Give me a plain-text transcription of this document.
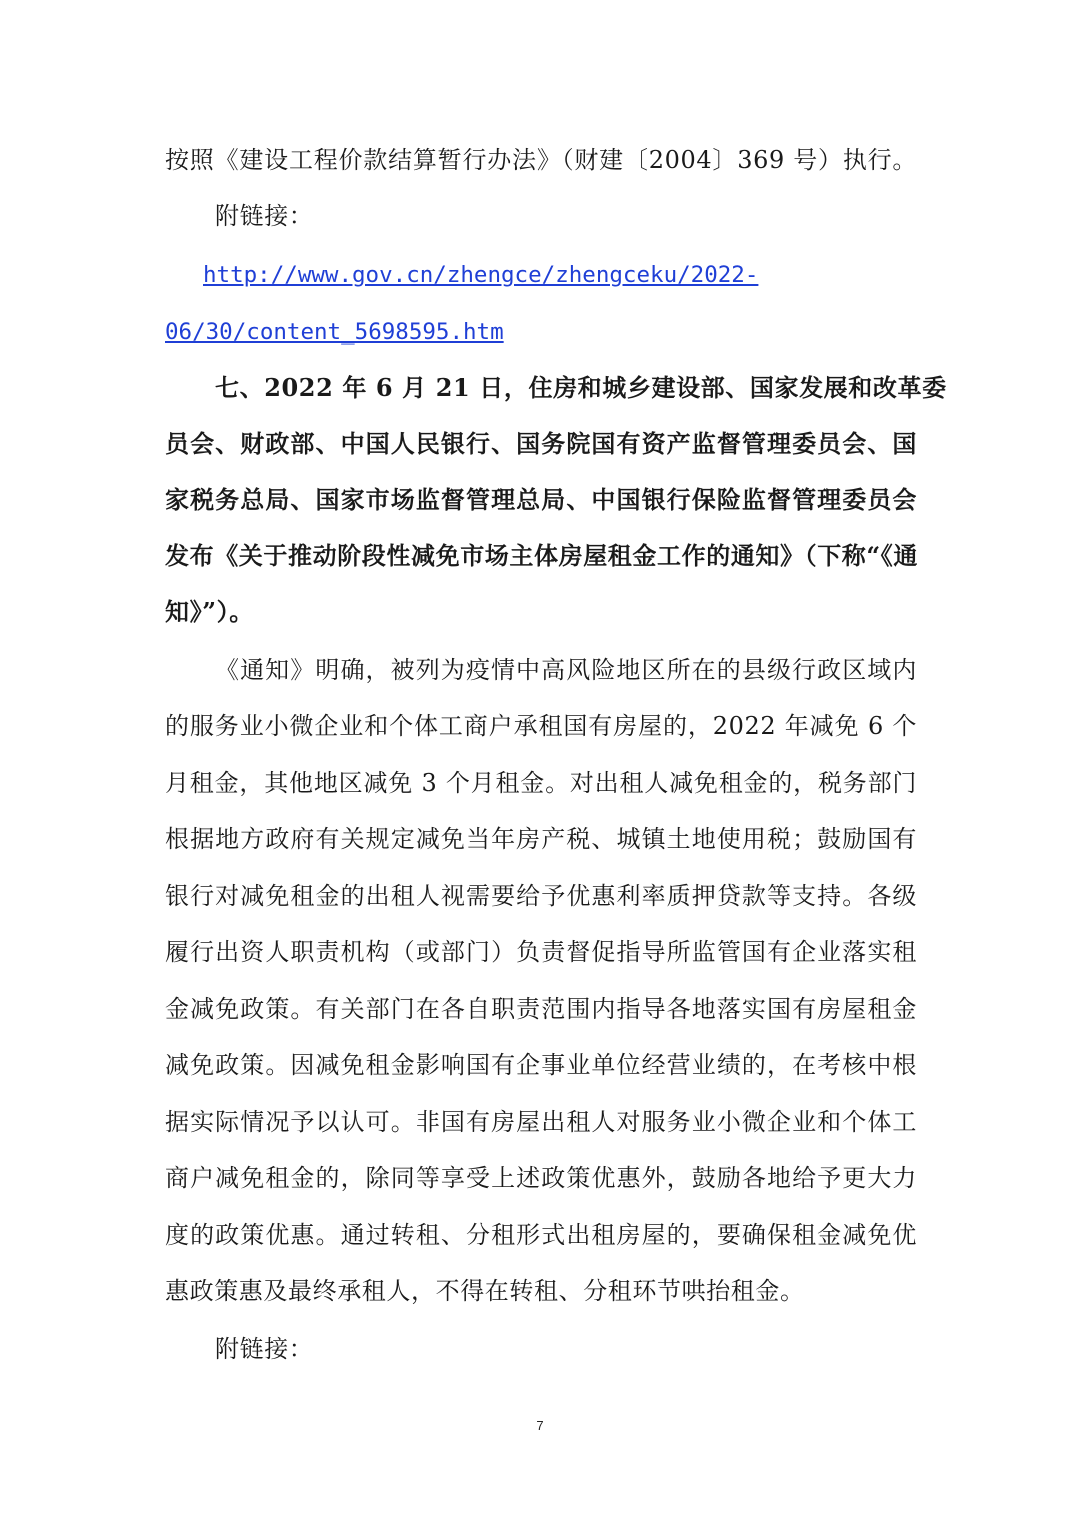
按照《建设工程价款结算暂行办法》（财建〔2004〕369 号）执行。
附链接：
http://www.gov.cn/zhengce/zhengceku/2022-
06/30/content_5698595.htm
七、2022 年 6 月 21 日，住房和城乡建设部、国家发展和改革委
员会、财政部、中国人民银行、国务院国有资产监督管理委员会、国
家税务总局、国家市场监督管理总局、中国银行保险监督管理委员会
发布《关于推动阶段性减免市场主体房屋租金工作的通知》（下称“《通
知》”）。
《通知》明确，被列为疫情中高风险地区所在的县级行政区域内
的服务业小微企业和个体工商户承租国有房屋的，2022 年减免 6 个
月租金，其他地区减免 3 个月租金。对出租人减免租金的，税务部门
根据地方政府有关规定减免当年房产税、城镇土地使用税；鼓励国有
银行对减免租金的出租人视需要给予优惠利率质押贷款等支持。各级
履行出资人职责机构（或部门）负责督促指导所监管国有企业落实租
金减免政策。有关部门在各自职责范围内指导各地落实国有房屋租金
减免政策。因减免租金影响国有企事业单位经营业绩的，在考核中根
据实际情况予以认可。非国有房屋出租人对服务业小微企业和个体工
商户减免租金的，除同等享受上述政策优惠外，鼓励各地给予更大力
度的政策优惠。通过转租、分租形式出租房屋的，要确保租金减免优
惠政策惠及最终承租人，不得在转租、分租环节哄抬租金。
附链接：
7
